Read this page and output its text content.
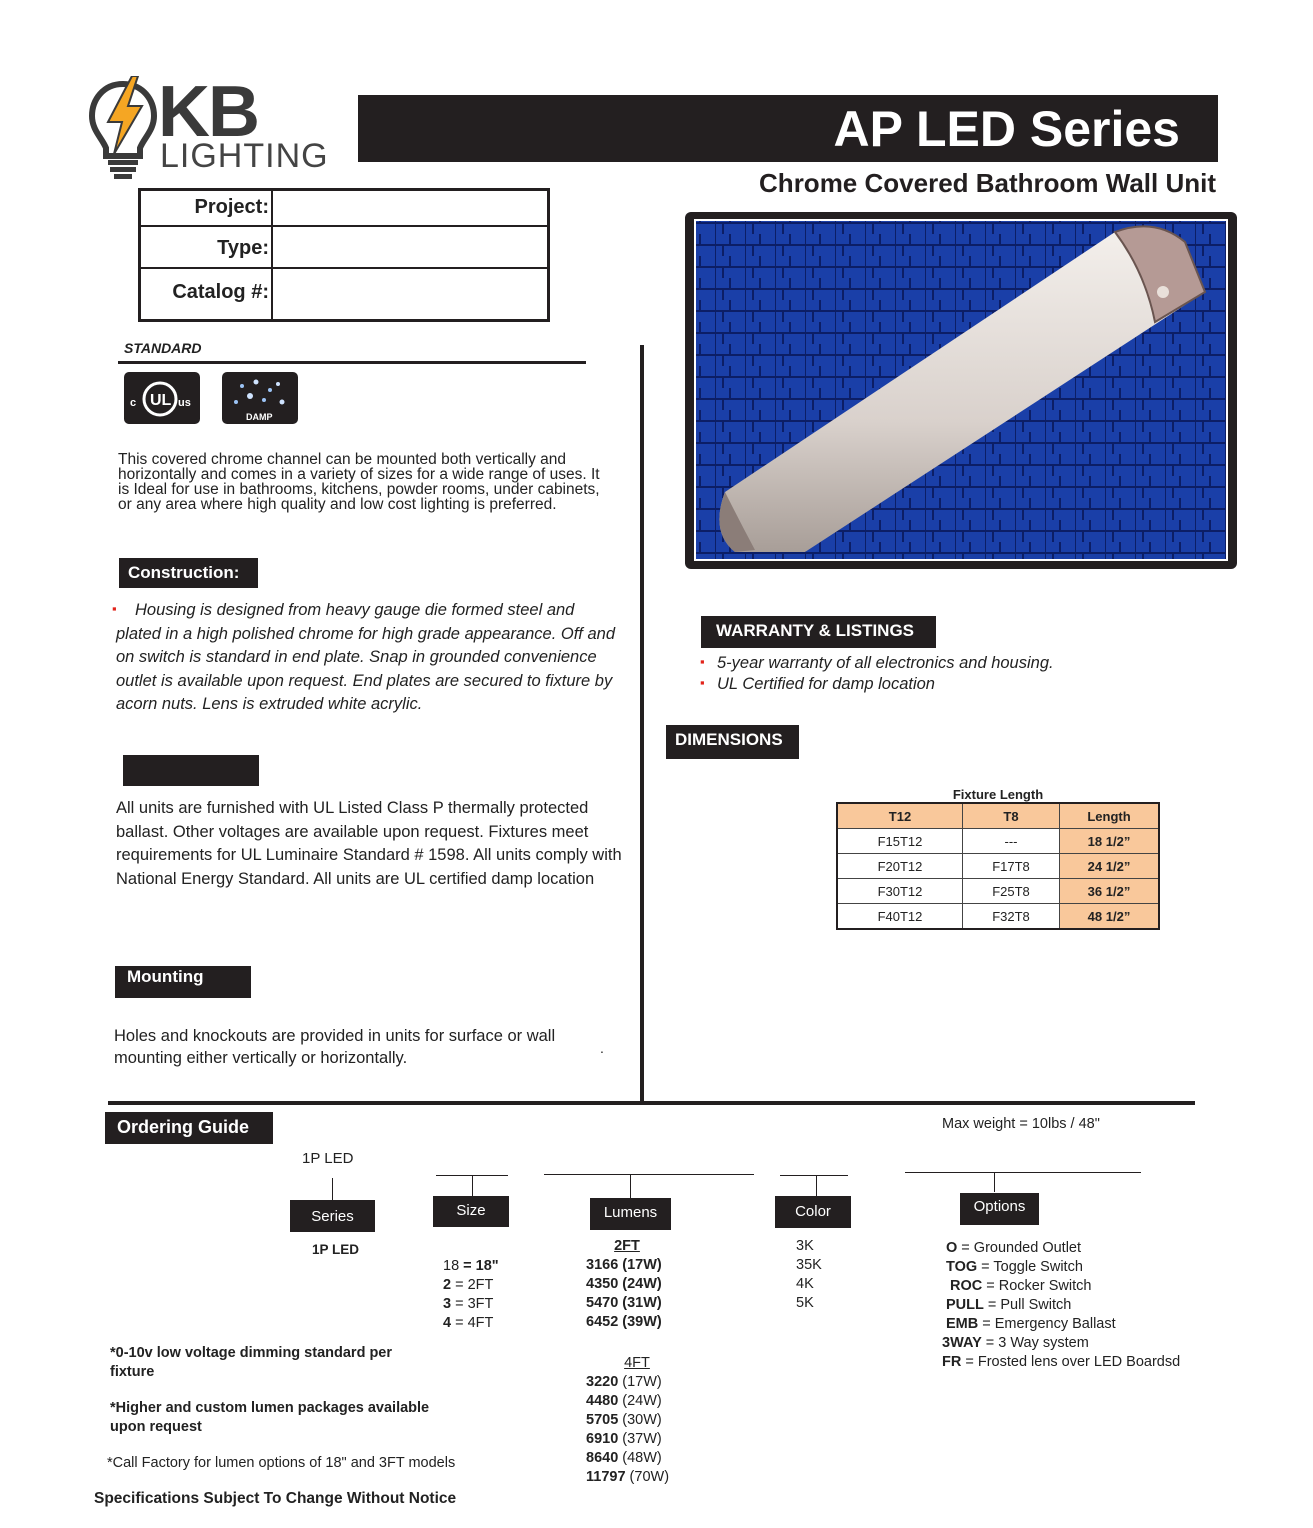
KB
LIGHTING	AP LED Series
Chrome Covered Bathroom Wall Unit
Project:
Type:
Catalog #:
STANDARD
c UL us
DAMP
This covered chrome channel can be mounted both vertically and horizontally and comes in a variety of sizes for a wide range of uses. It is Ideal for use in bathrooms, kitchens, powder rooms, under cabinets, or any area where high quality and low cost lighting is preferred.
Construction:
▪	Housing is designed from heavy gauge die formed steel and plated in a high polished chrome for high grade appearance. Off and on switch is standard in end plate. Snap in grounded convenience outlet is available upon request. End plates are secured to fixture by acorn nuts. Lens is extruded white acrylic.
All units are furnished with UL Listed Class P thermally protected ballast. Other voltages are available upon request. Fixtures meet requirements for UL Luminaire Standard # 1598. All units comply with National Energy Standard. All units are UL certified damp location
Mounting
Holes and knockouts are provided in units for surface or wall mounting either vertically or horizontally.
.
WARRANTY & LISTINGS
▪ 5-year warranty of all electronics and housing.
▪ UL Certified for damp location
DIMENSIONS
Fixture Length
T12	T8	Length
F15T12	---	18 1/2”
F20T12	F17T8	24 1/2”
F30T12	F25T8	36 1/2”
F40T12	F32T8	48 1/2”
Ordering Guide	Max weight = 10lbs / 48"
1P LED
Series	Size	Lumens	Color	Options
1P LED
18 = 18"
2 = 2FT
3 = 3FT
4 = 4FT
2FT
3166 (17W)
4350 (24W)
5470 (31W)
6452 (39W)
4FT
3220 (17W)
4480 (24W)
5705 (30W)
6910 (37W)
8640 (48W)
11797 (70W)
3K
35K
4K
5K
O = Grounded Outlet
TOG = Toggle Switch
ROC = Rocker Switch
PULL = Pull Switch
EMB = Emergency Ballast
3WAY = 3 Way system
FR = Frosted lens over LED Boardsd
*0-10v low voltage dimming standard per fixture
*Higher and custom lumen packages available upon request
*Call Factory for lumen options of 18" and 3FT models
Specifications Subject To Change Without Notice
